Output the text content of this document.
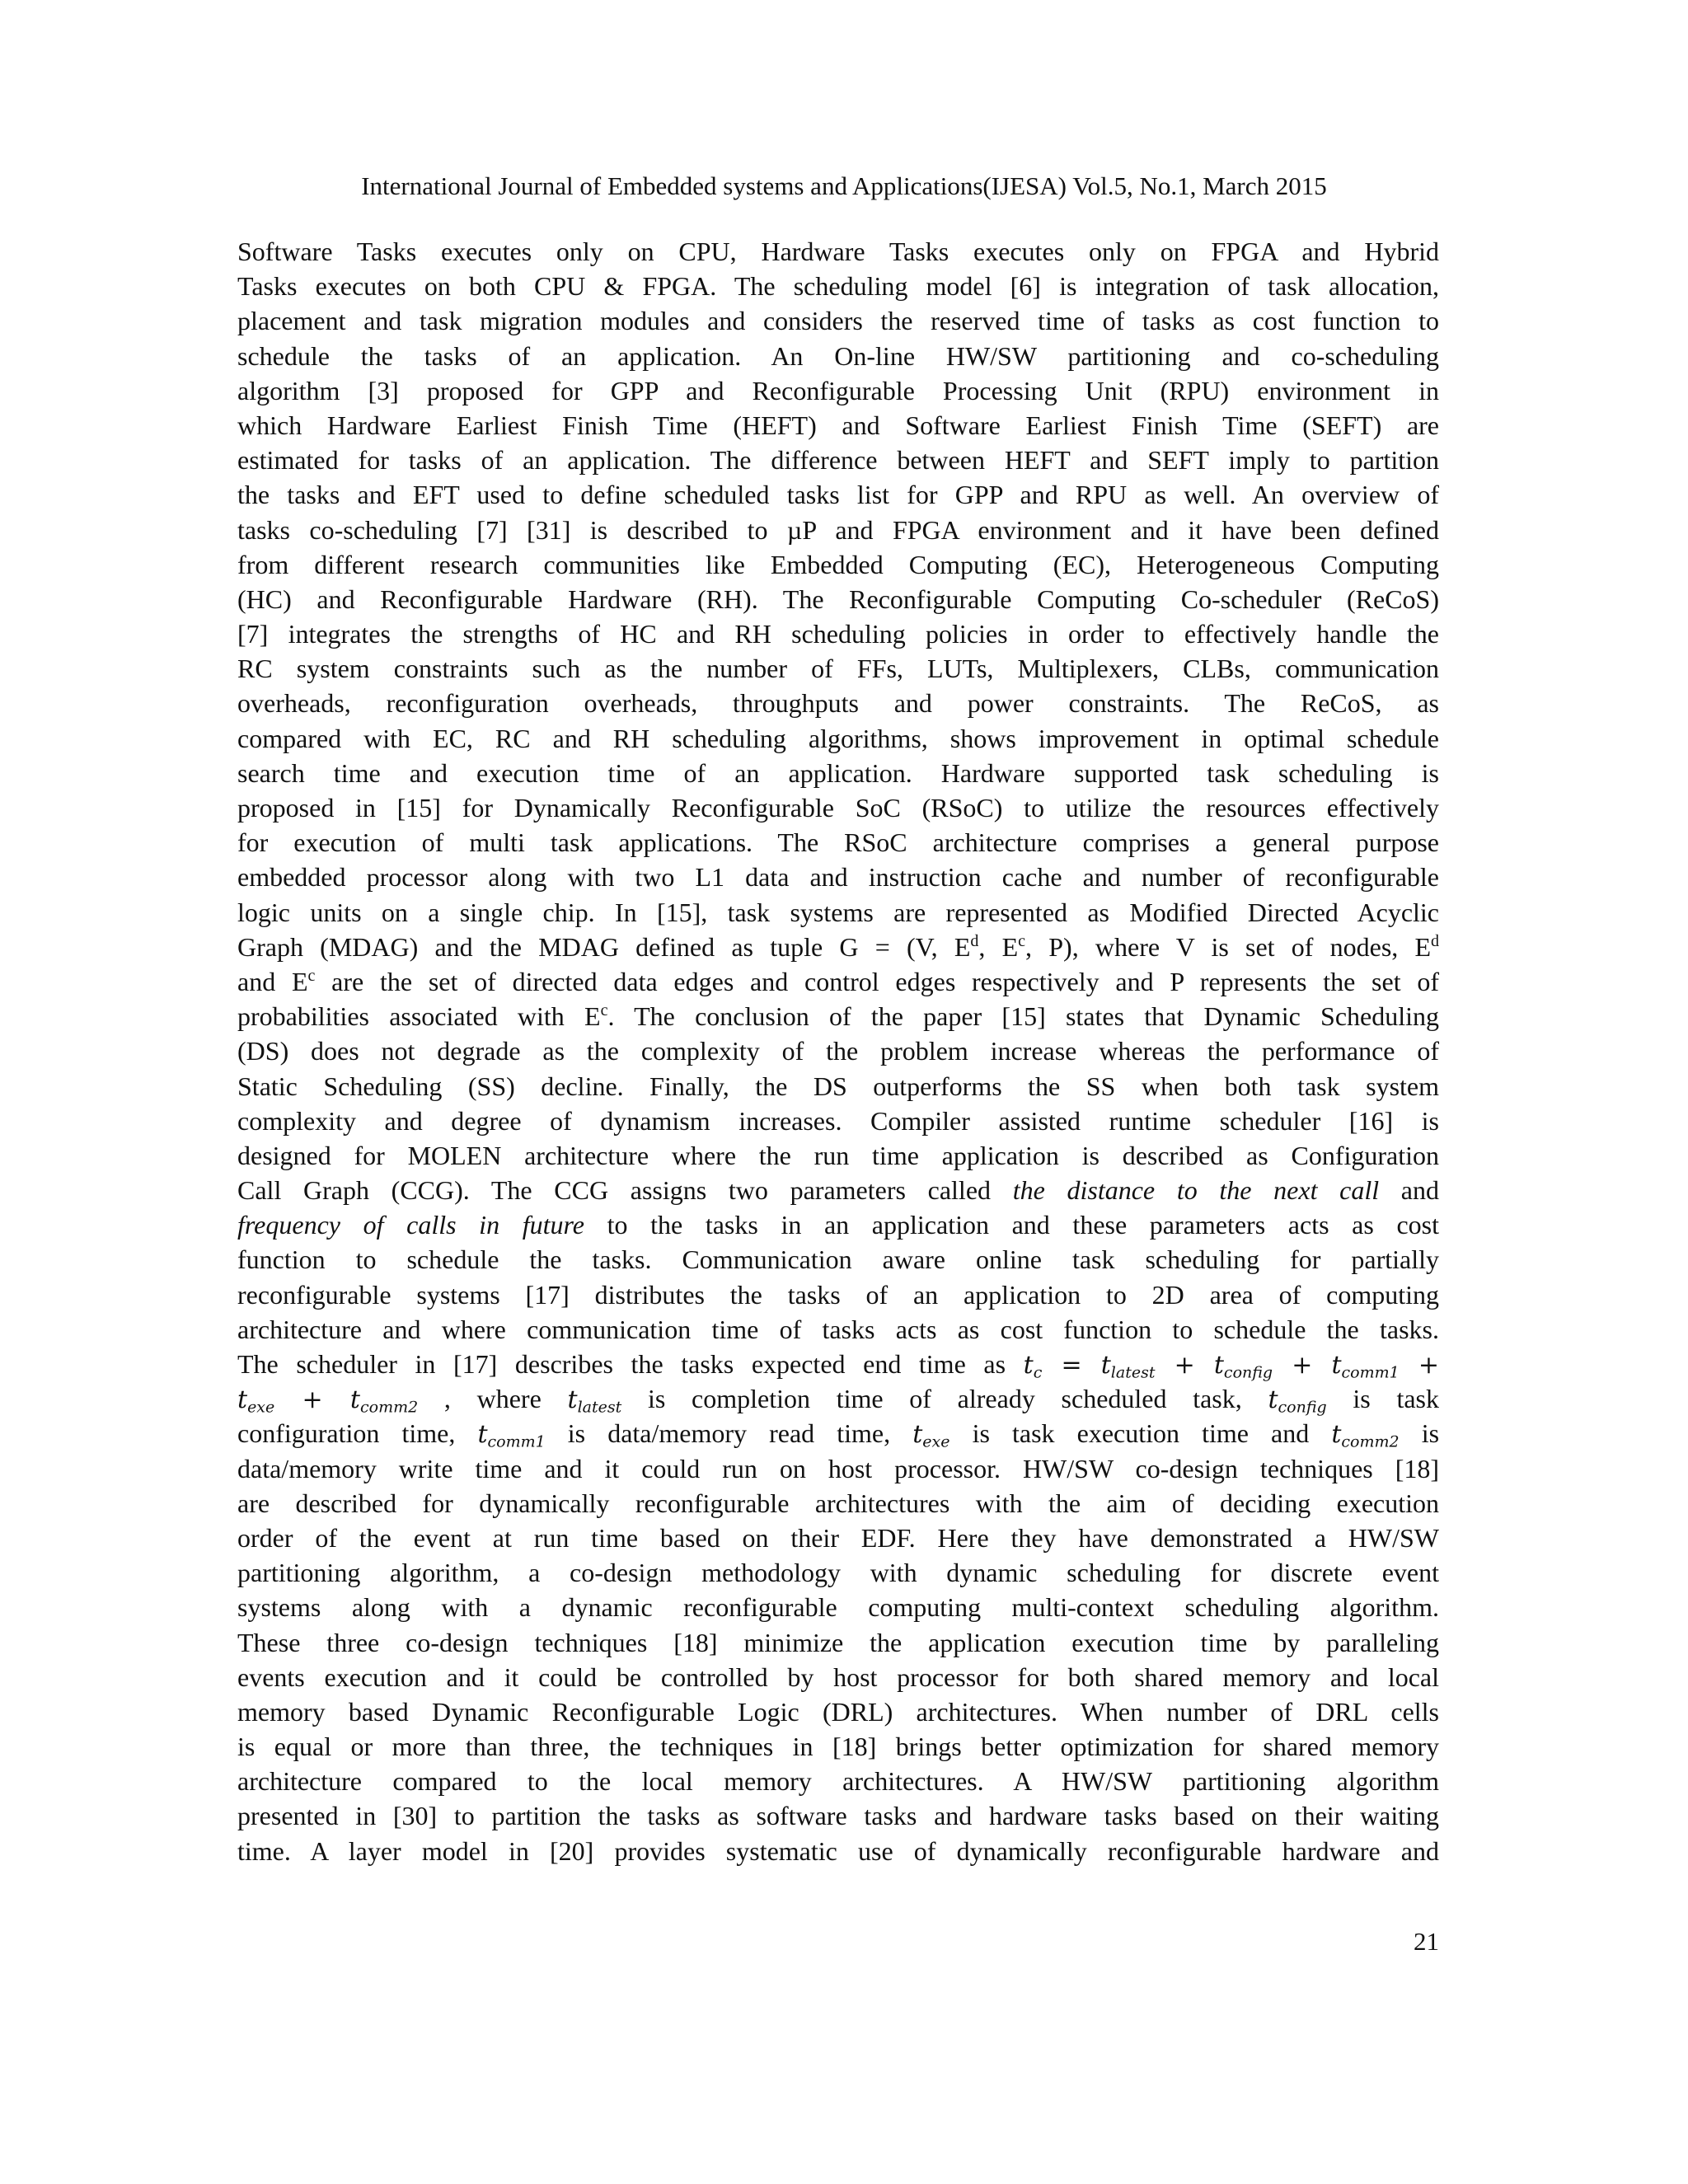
International Journal of Embedded systems and Applications(IJESA) Vol.5, No.1, March 2015
Software Tasks executes only on CPU, Hardware Tasks executes only on FPGA and Hybrid
Tasks executes on both CPU & FPGA. The scheduling model [6] is integration of task allocation,
placement and task migration modules and considers the reserved time of tasks as cost function to
schedule the tasks of an application. An On-line HW/SW partitioning and co-scheduling
algorithm [3] proposed for GPP and Reconfigurable Processing Unit (RPU) environment in
which Hardware Earliest Finish Time (HEFT) and Software Earliest Finish Time (SEFT) are
estimated for tasks of an application. The difference between HEFT and SEFT imply to partition
the tasks and EFT used to define scheduled tasks list for GPP and RPU as well. An overview of
tasks co-scheduling [7] [31] is described to µP and FPGA environment and it have been defined
from different research communities like Embedded Computing (EC), Heterogeneous Computing
(HC) and Reconfigurable Hardware (RH). The Reconfigurable Computing Co-scheduler (ReCoS)
[7] integrates the strengths of HC and RH scheduling policies in order to effectively handle the
RC system constraints such as the number of FFs, LUTs, Multiplexers, CLBs, communication
overheads, reconfiguration overheads, throughputs and power constraints. The ReCoS, as
compared with EC, RC and RH scheduling algorithms, shows improvement in optimal schedule
search time and execution time of an application. Hardware supported task scheduling is
proposed in [15] for Dynamically Reconfigurable SoC (RSoC) to utilize the resources effectively
for execution of multi task applications. The RSoC architecture comprises a general purpose
embedded processor along with two L1 data and instruction cache and number of reconfigurable
logic units on a single chip. In [15], task systems are represented as Modified Directed Acyclic
Graph (MDAG) and the MDAG defined as tuple G = (V, $E^d$, $E^c$, P), where V is set of nodes, $E^d$
and $E^c$ are the set of directed data edges and control edges respectively and P represents the set of
probabilities associated with $E^c$. The conclusion of the paper [15] states that Dynamic Scheduling
(DS) does not degrade as the complexity of the problem increase whereas the performance of
Static Scheduling (SS) decline. Finally, the DS outperforms the SS when both task system
complexity and degree of dynamism increases. Compiler assisted runtime scheduler [16] is
designed for MOLEN architecture where the run time application is described as Configuration
Call Graph (CCG). The CCG assigns two parameters called the distance to the next call and
frequency of calls in future to the tasks in an application and these parameters acts as cost
function to schedule the tasks. Communication aware online task scheduling for partially
reconfigurable systems [17] distributes the tasks of an application to 2D area of computing
architecture and where communication time of tasks acts as cost function to schedule the tasks.
The scheduler in [17] describes the tasks expected end time as $t_c = t_{latest} + t_{config} + t_{comm1}$ +
$t_{exe} + t_{comm2}$ , where $t_{latest}$ is completion time of already scheduled task, $t_{config}$ is task
configuration time, $t_{comm1}$ is data/memory read time, $t_{exe}$ is task execution time and $t_{comm2}$ is
data/memory write time and it could run on host processor. HW/SW co-design techniques [18]
are described for dynamically reconfigurable architectures with the aim of deciding execution
order of the event at run time based on their EDF. Here they have demonstrated a HW/SW
partitioning algorithm, a co-design methodology with dynamic scheduling for discrete event
systems along with a dynamic reconfigurable computing multi-context scheduling algorithm.
These three co-design techniques [18] minimize the application execution time by paralleling
events execution and it could be controlled by host processor for both shared memory and local
memory based Dynamic Reconfigurable Logic (DRL) architectures. When number of DRL cells
is equal or more than three, the techniques in [18] brings better optimization for shared memory
architecture compared to the local memory architectures. A HW/SW partitioning algorithm
presented in [30] to partition the tasks as software tasks and hardware tasks based on their waiting
time. A layer model in [20] provides systematic use of dynamically reconfigurable hardware and
21
